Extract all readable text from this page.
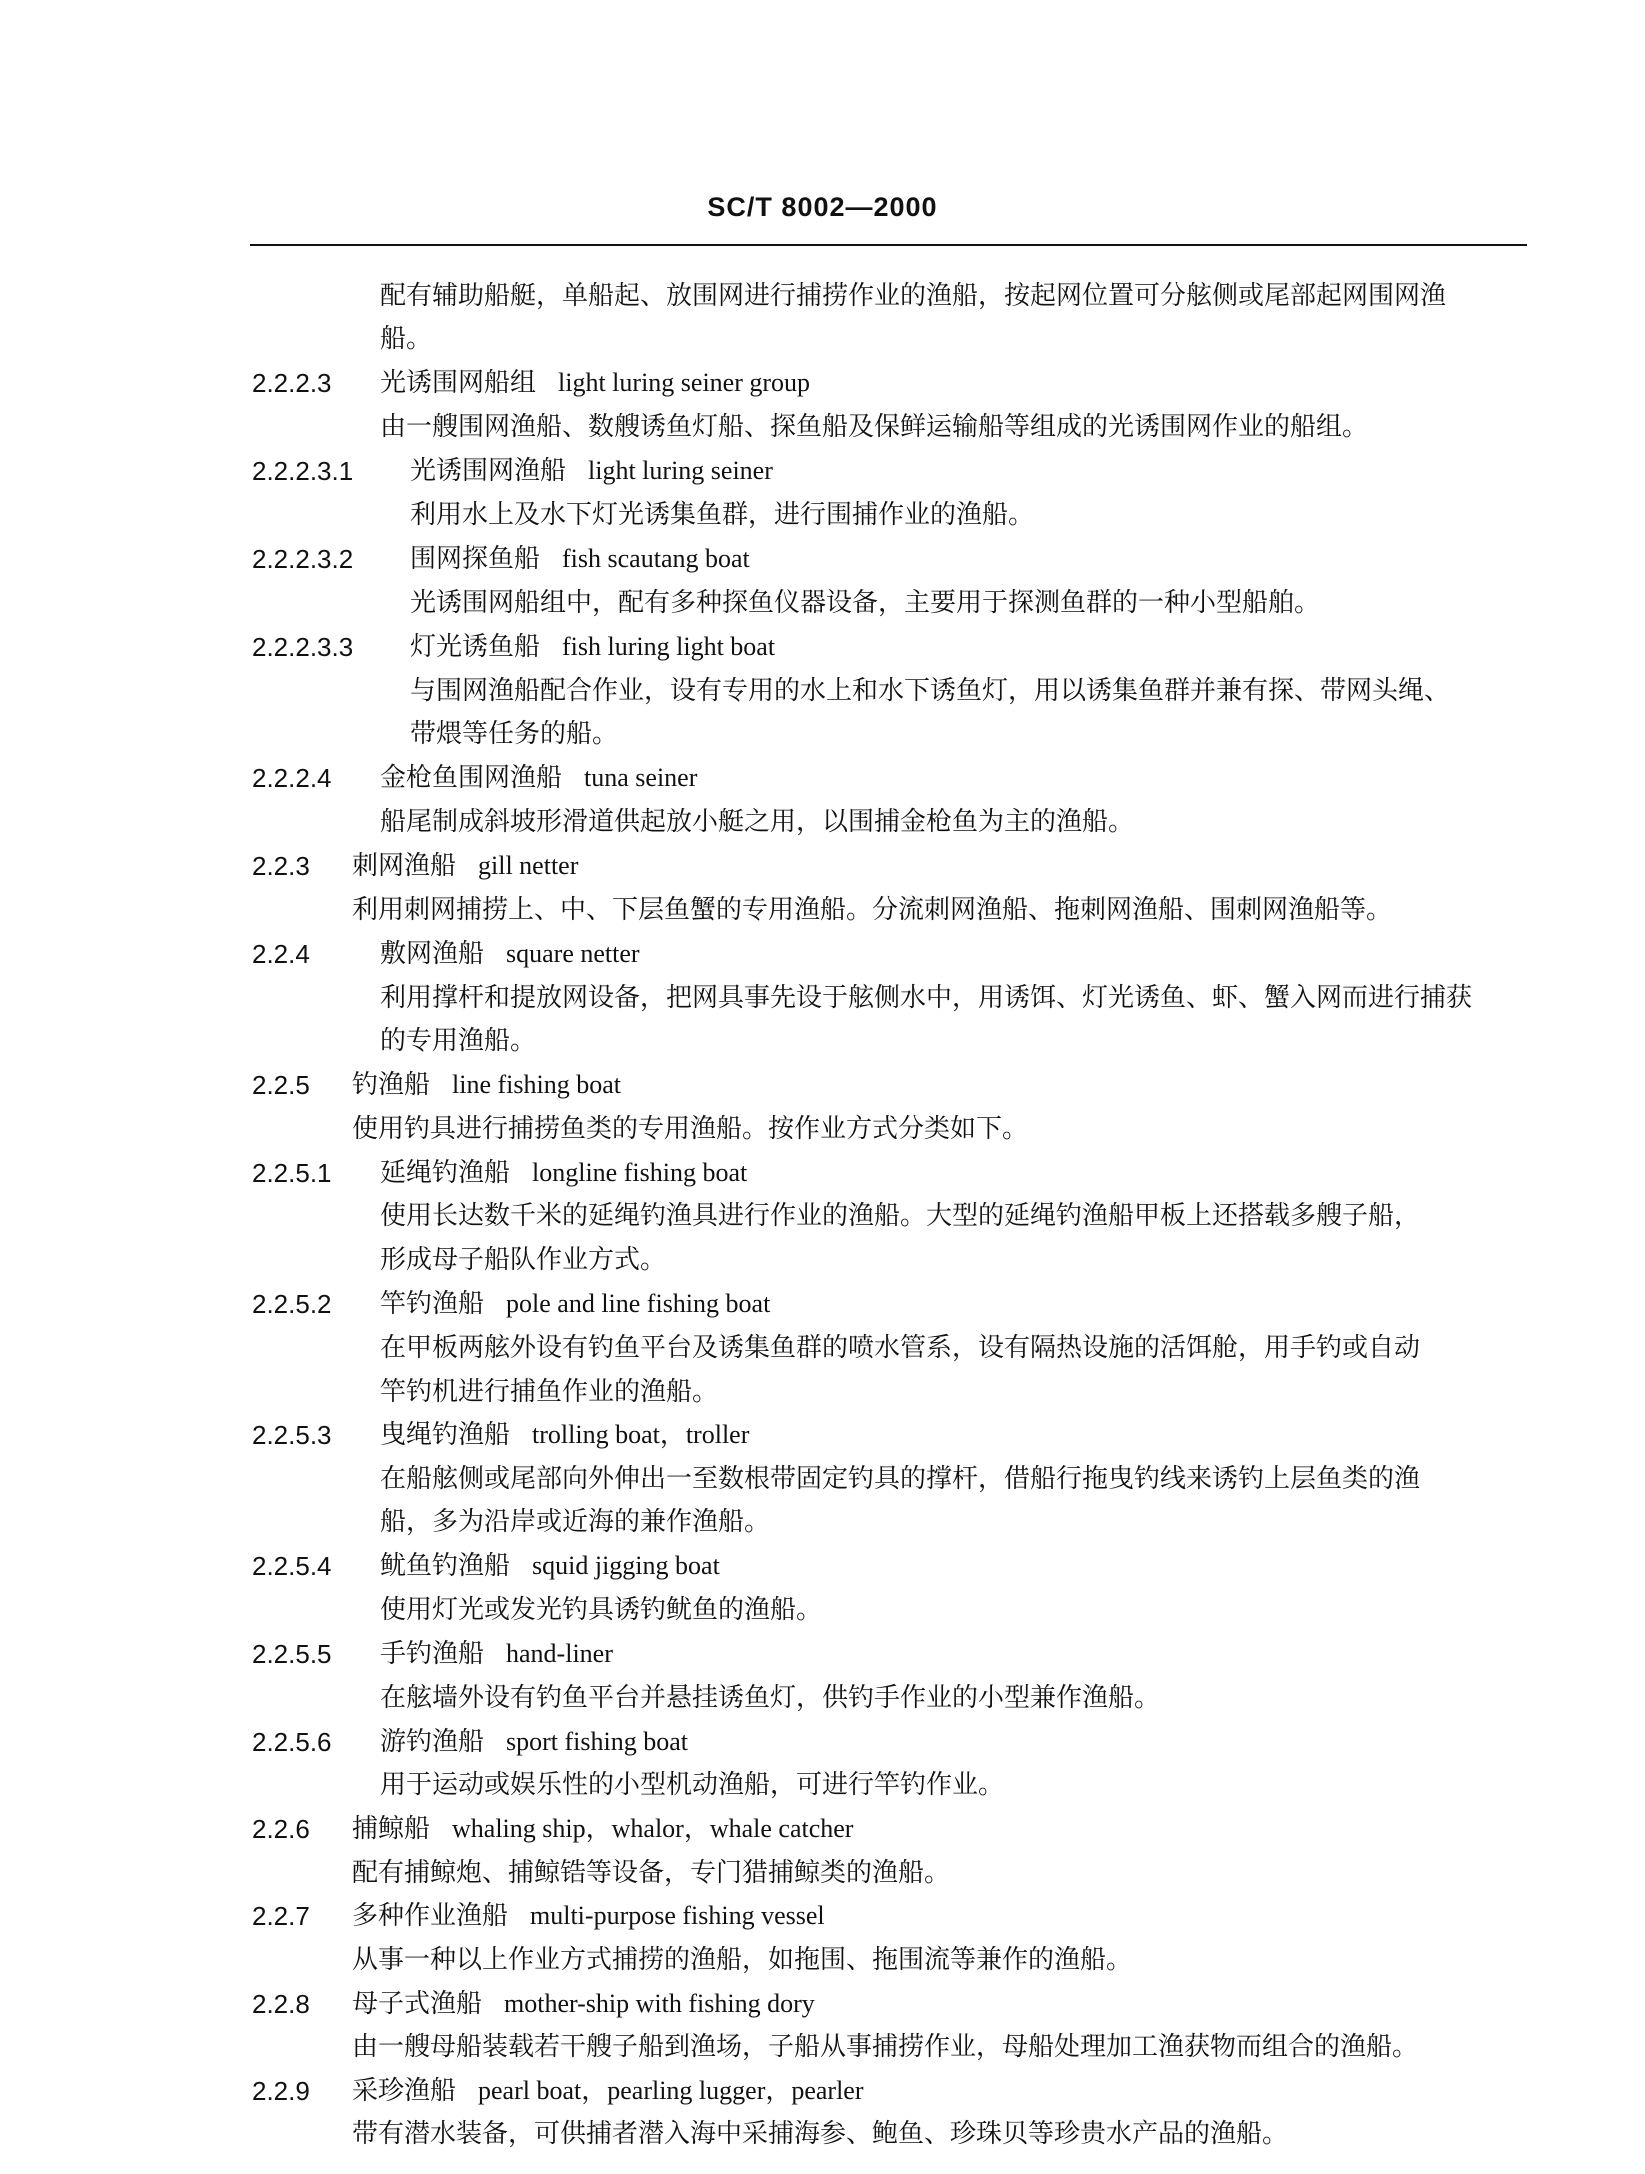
SC/T 8002—2000
配有辅助船艇，单船起、放围网进行捕捞作业的渔船，按起网位置可分舷侧或尾部起网围网渔
船。
2.2.2.3 光诱围网船组 light luring seiner group
由一艘围网渔船、数艘诱鱼灯船、探鱼船及保鲜运输船等组成的光诱围网作业的船组。
2.2.2.3.1 光诱围网渔船 light luring seiner
利用水上及水下灯光诱集鱼群，进行围捕作业的渔船。
2.2.2.3.2 围网探鱼船 fish scautang boat
光诱围网船组中，配有多种探鱼仪器设备，主要用于探测鱼群的一种小型船舶。
2.2.2.3.3 灯光诱鱼船 fish luring light boat
与围网渔船配合作业，设有专用的水上和水下诱鱼灯，用以诱集鱼群并兼有探、带网头绳、
带煨等任务的船。
2.2.2.4 金枪鱼围网渔船 tuna seiner
船尾制成斜坡形滑道供起放小艇之用，以围捕金枪鱼为主的渔船。
2.2.3 刺网渔船 gill netter
利用刺网捕捞上、中、下层鱼蟹的专用渔船。分流刺网渔船、拖刺网渔船、围刺网渔船等。
2.2.4	敷网渔船 square netter
利用撑杆和提放网设备，把网具事先设于舷侧水中，用诱饵、灯光诱鱼、虾、蟹入网而进行捕获
的专用渔船。
2.2.5 钓渔船 line fishing boat
使用钓具进行捕捞鱼类的专用渔船。按作业方式分类如下。
2.2.5.1 延绳钓渔船 longline fishing boat
使用长达数千米的延绳钓渔具进行作业的渔船。大型的延绳钓渔船甲板上还搭载多艘子船，
形成母子船队作业方式。
2.2.5.2 竿钓渔船 pole and line fishing boat
在甲板两舷外设有钓鱼平台及诱集鱼群的喷水管系，设有隔热设施的活饵舱，用手钓或自动
竿钓机进行捕鱼作业的渔船。
2.2.5.3 曳绳钓渔船 trolling boat，troller
在船舷侧或尾部向外伸出一至数根带固定钓具的撑杆，借船行拖曳钓线来诱钓上层鱼类的渔
船，多为沿岸或近海的兼作渔船。
2.2.5.4 鱿鱼钓渔船 squid jigging boat
使用灯光或发光钓具诱钓鱿鱼的渔船。
2.2.5.5 手钓渔船 hand-liner
在舷墙外设有钓鱼平台并悬挂诱鱼灯，供钓手作业的小型兼作渔船。
2.2.5.6 游钓渔船 sport fishing boat
用于运动或娱乐性的小型机动渔船，可进行竿钓作业。
2.2.6 捕鲸船 whaling ship，whalor，whale catcher
配有捕鲸炮、捕鲸锆等设备，专门猎捕鲸类的渔船。
2.2.7 多种作业渔船 multi-purpose fishing vessel
从事一种以上作业方式捕捞的渔船，如拖围、拖围流等兼作的渔船。
2.2.8 母子式渔船 mother-ship with fishing dory
由一艘母船装载若干艘子船到渔场，子船从事捕捞作业，母船处理加工渔获物而组合的渔船。
2.2.9 采珍渔船 pearl boat，pearling lugger，pearler
带有潜水装备，可供捕者潜入海中采捕海参、鲍鱼、珍珠贝等珍贵水产品的渔船。
